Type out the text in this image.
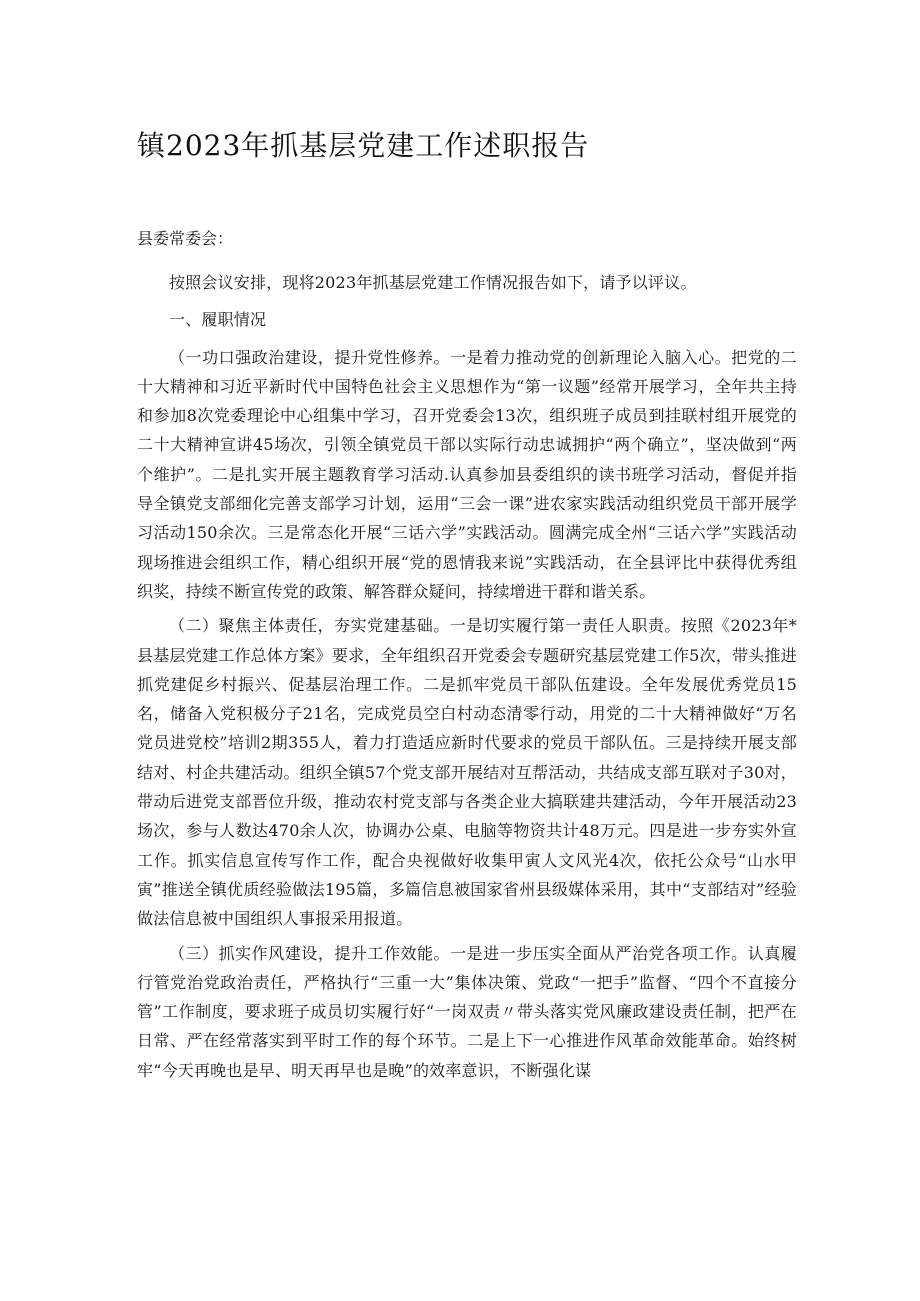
镇2023年抓基层党建工作述职报告

县委常委会：

按照会议安排，现将2023年抓基层党建工作情况报告如下，请予以评议。

一、履职情况

（一功口强政治建设，提升党性修养。一是着力推动党的创新理论入脑入心。把党的二十大精神和习近平新时代中国特色社会主义思想作为“第一议题”经常开展学习，全年共主持和参加8次党委理论中心组集中学习，召开党委会13次，组织班子成员到挂联村组开展党的二十大精神宣讲45场次，引领全镇党员干部以实际行动忠诚拥护“两个确立”，坚决做到“两个维护”。二是扎实开展主题教育学习活动.认真参加县委组织的读书班学习活动，督促并指导全镇党支部细化完善支部学习计划，运用“三会一课”进农家实践活动组织党员干部开展学习活动150余次。三是常态化开展“三话六学”实践活动。圆满完成全州“三话六学”实践活动现场推进会组织工作，精心组织开展“党的恩情我来说”实践活动，在全县评比中获得优秀组织奖，持续不断宣传党的政策、解答群众疑问，持续增进干群和谐关系。

（二）聚焦主体责任，夯实党建基础。一是切实履行第一责任人职责。按照《2023年*县基层党建工作总体方案》要求，全年组织召开党委会专题研究基层党建工作5次，带头推进抓党建促乡村振兴、促基层治理工作。二是抓牢党员干部队伍建设。全年发展优秀党员15名，储备入党积极分子21名，完成党员空白村动态清零行动，用党的二十大精神做好“万名党员进党校”培训2期355人，着力打造适应新时代要求的党员干部队伍。三是持续开展支部结对、村企共建活动。组织全镇57个党支部开展结对互帮活动，共结成支部互联对子30对，带动后进党支部晋位升级，推动农村党支部与各类企业大搞联建共建活动，今年开展活动23场次，参与人数达470余人次，协调办公桌、电脑等物资共计48万元。四是进一步夯实外宣工作。抓实信息宣传写作工作，配合央视做好收集甲寅人文风光4次，依托公众号“山水甲寅”推送全镇优质经验做法195篇，多篇信息被国家省州县级媒体采用，其中“支部结对”经验做法信息被中国组织人事报采用报道。

（三）抓实作风建设，提升工作效能。一是进一步压实全面从严治党各项工作。认真履行管党治党政治责任，严格执行“三重一大”集体决策、党政“一把手”监督、“四个不直接分管”工作制度，要求班子成员切实履行好“一岗双责〃带头落实党风廉政建设责任制，把严在日常、严在经常落实到平时工作的每个环节。二是上下一心推进作风革命效能革命。始终树牢“今天再晚也是早、明天再早也是晚”的效率意识，不断强化谋
